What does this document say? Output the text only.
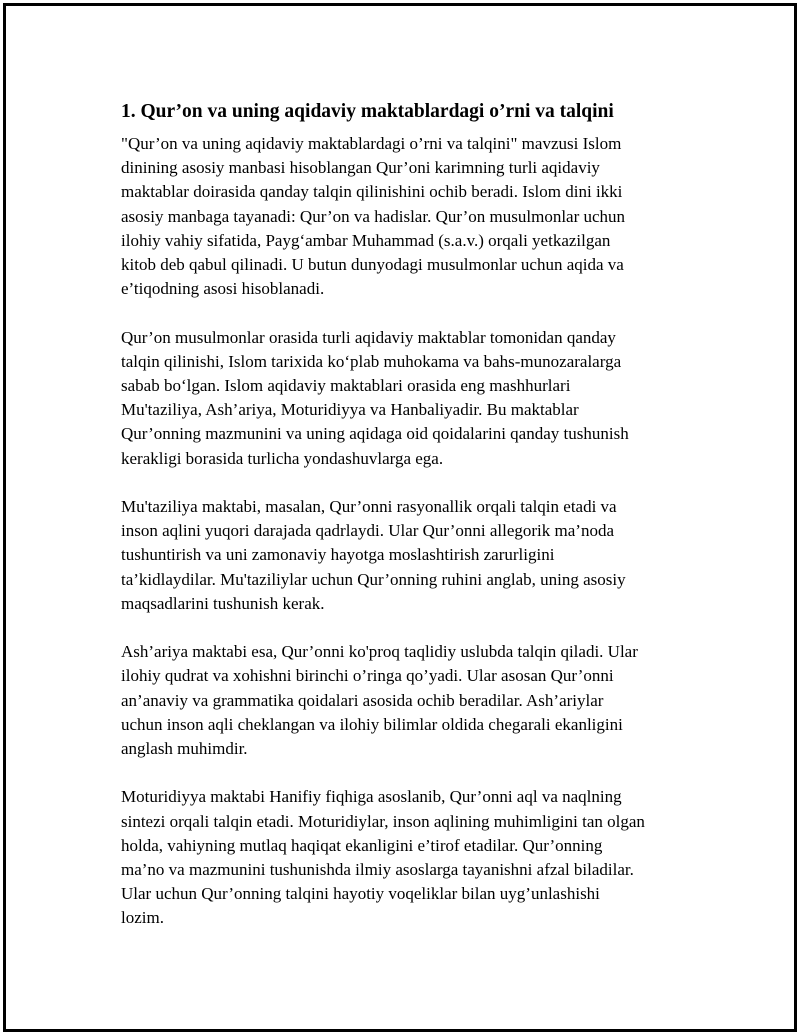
1. Qur’on va uning aqidaviy maktablardagi o’rni va talqini

"Qur’on va uning aqidaviy maktablardagi o’rni va talqini" mavzusi Islom
dinining asosiy manbasi hisoblangan Qur’oni karimning turli aqidaviy
maktablar doirasida qanday talqin qilinishini ochib beradi. Islom dini ikki
asosiy manbaga tayanadi: Qur’on va hadislar. Qur’on musulmonlar uchun
ilohiy vahiy sifatida, Payg‘ambar Muhammad (s.a.v.) orqali yetkazilgan
kitob deb qabul qilinadi. U butun dunyodagi musulmonlar uchun aqida va
e’tiqodning asosi hisoblanadi.

Qur’on musulmonlar orasida turli aqidaviy maktablar tomonidan qanday
talqin qilinishi, Islom tarixida ko‘plab muhokama va bahs-munozaralarga
sabab bo‘lgan. Islom aqidaviy maktablari orasida eng mashhurlari
Mu'taziliya, Ash’ariya, Moturidiyya va Hanbaliyadir. Bu maktablar
Qur’onning mazmunini va uning aqidaga oid qoidalarini qanday tushunish
kerakligi borasida turlicha yondashuvlarga ega.

Mu'taziliya maktabi, masalan, Qur’onni rasyonallik orqali talqin etadi va
inson aqlini yuqori darajada qadrlaydi. Ular Qur’onni allegorik ma’noda
tushuntirish va uni zamonaviy hayotga moslashtirish zarurligini
ta’kidlaydilar. Mu'taziliylar uchun Qur’onning ruhini anglab, uning asosiy
maqsadlarini tushunish kerak.

Ash’ariya maktabi esa, Qur’onni ko'proq taqlidiy uslubda talqin qiladi. Ular
ilohiy qudrat va xohishni birinchi o’ringa qo’yadi. Ular asosan Qur’onni
an’anaviy va grammatika qoidalari asosida ochib beradilar. Ash’ariylar
uchun inson aqli cheklangan va ilohiy bilimlar oldida chegarali ekanligini
anglash muhimdir.

Moturidiyya maktabi Hanifiy fiqhiga asoslanib, Qur’onni aql va naqlning
sintezi orqali talqin etadi. Moturidiylar, inson aqlining muhimligini tan olgan
holda, vahiyning mutlaq haqiqat ekanligini e’tirof etadilar. Qur’onning
ma’no va mazmunini tushunishda ilmiy asoslarga tayanishni afzal biladilar.
Ular uchun Qur’onning talqini hayotiy voqeliklar bilan uyg’unlashishi
lozim.
